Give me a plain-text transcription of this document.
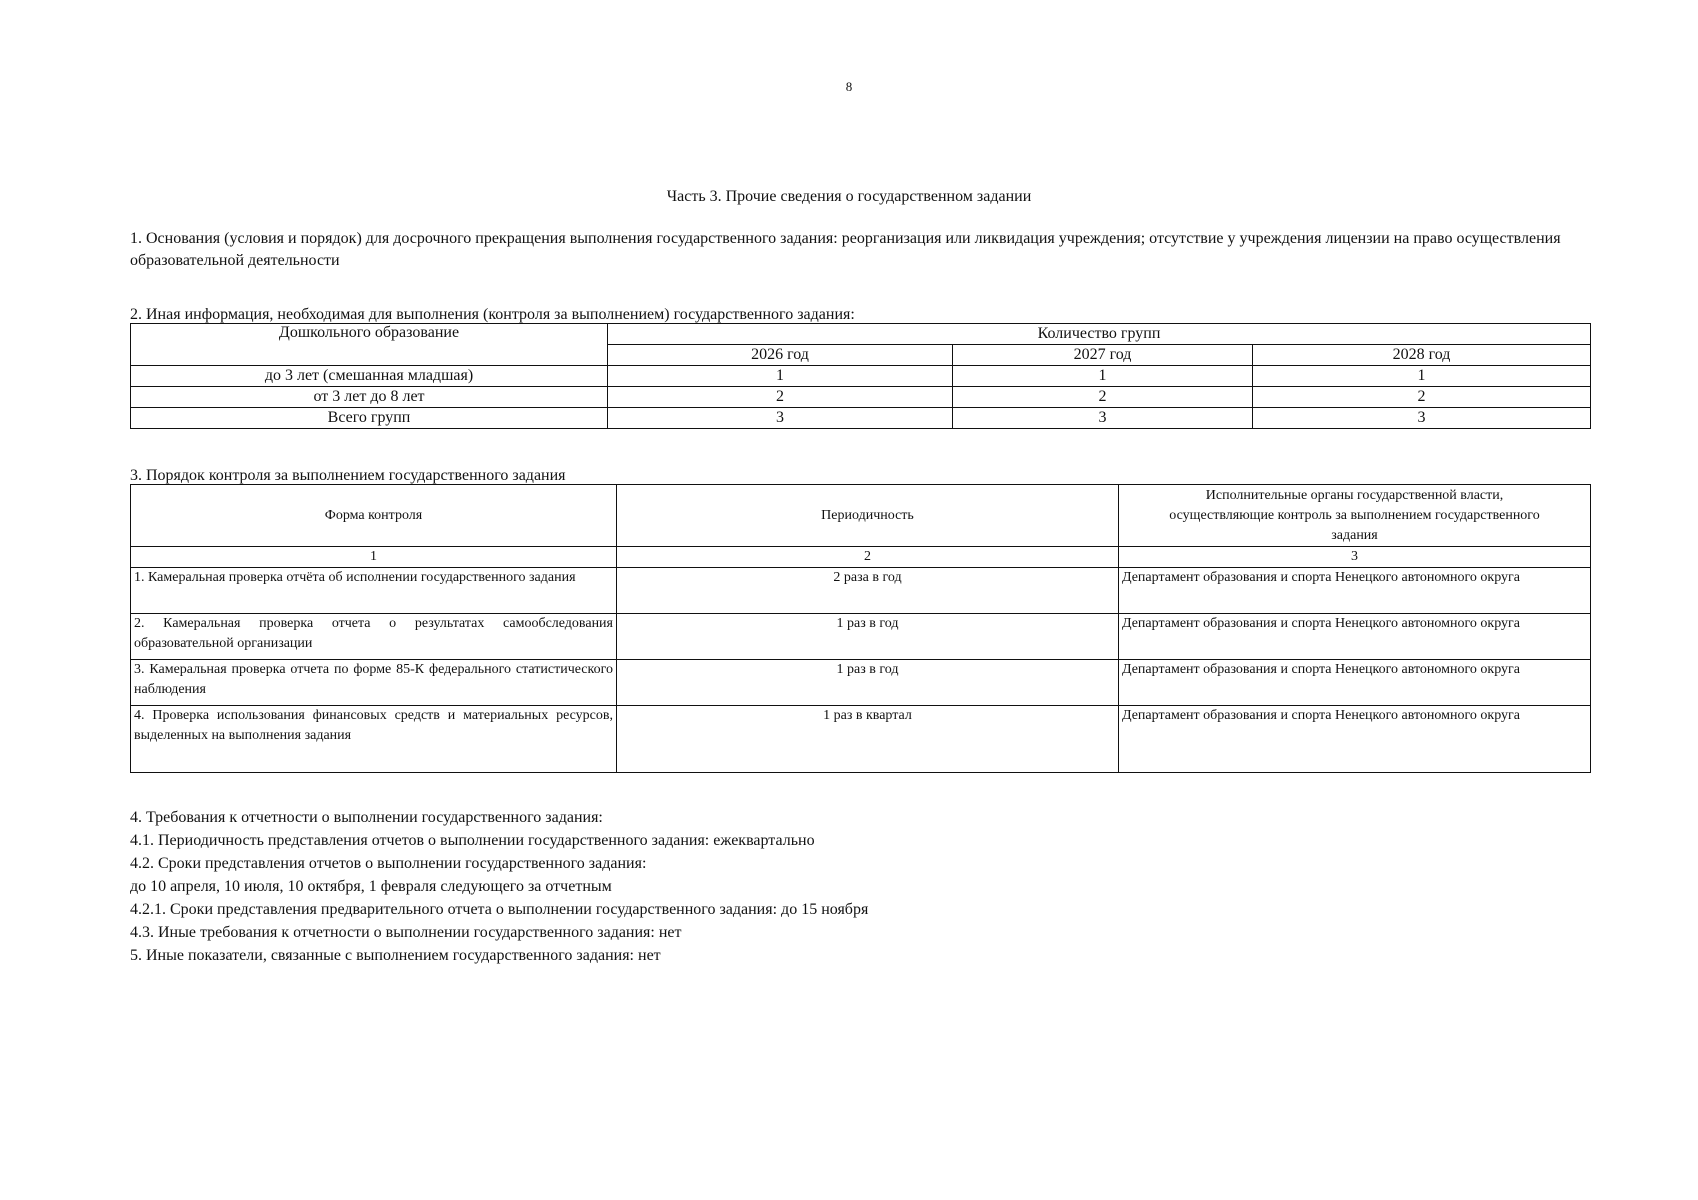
8
Часть 3. Прочие сведения о государственном задании
1. Основания (условия и порядок) для досрочного прекращения выполнения государственного задания: реорганизация или ликвидация учреждения; отсутствие у учреждения лицензии на право осуществления образовательной деятельности
2. Иная информация, необходимая для выполнения (контроля за выполнением) государственного задания:
Дошкольного образование	Количество групп		
	2026 год	2027 год	2028 год
до 3 лет (смешанная младшая)	1	1	1
от 3 лет до 8 лет	2	2	2
Всего групп	3	3	3
3. Порядок контроля за выполнением государственного задания
Форма контроля	Периодичность	Исполнительные органы государственной власти, осуществляющие контроль за выполнением государственного задания
1	2	3
1. Камеральная проверка отчёта об исполнении государственного задания	2 раза в год	Департамент образования и спорта Ненецкого автономного округа
2. Камеральная проверка отчета о результатах самообследования образовательной организации	1 раз в год	Департамент образования и спорта Ненецкого автономного округа
3. Камеральная проверка отчета по форме 85-К федерального статистического наблюдения	1 раз в год	Департамент образования и спорта Ненецкого автономного округа
4. Проверка использования финансовых средств и материальных ресурсов, выделенных на выполнения задания	1 раз в квартал	Департамент образования и спорта Ненецкого автономного округа
4. Требования к отчетности о выполнении государственного задания:
4.1. Периодичность представления отчетов о выполнении государственного задания: ежеквартально
4.2. Сроки представления отчетов о выполнении государственного задания:
до 10 апреля, 10 июля, 10 октября, 1 февраля следующего за отчетным
4.2.1. Сроки представления предварительного отчета о выполнении государственного задания: до 15 ноября
4.3. Иные требования к отчетности о выполнении государственного задания: нет
5. Иные показатели, связанные с выполнением государственного задания: нет
